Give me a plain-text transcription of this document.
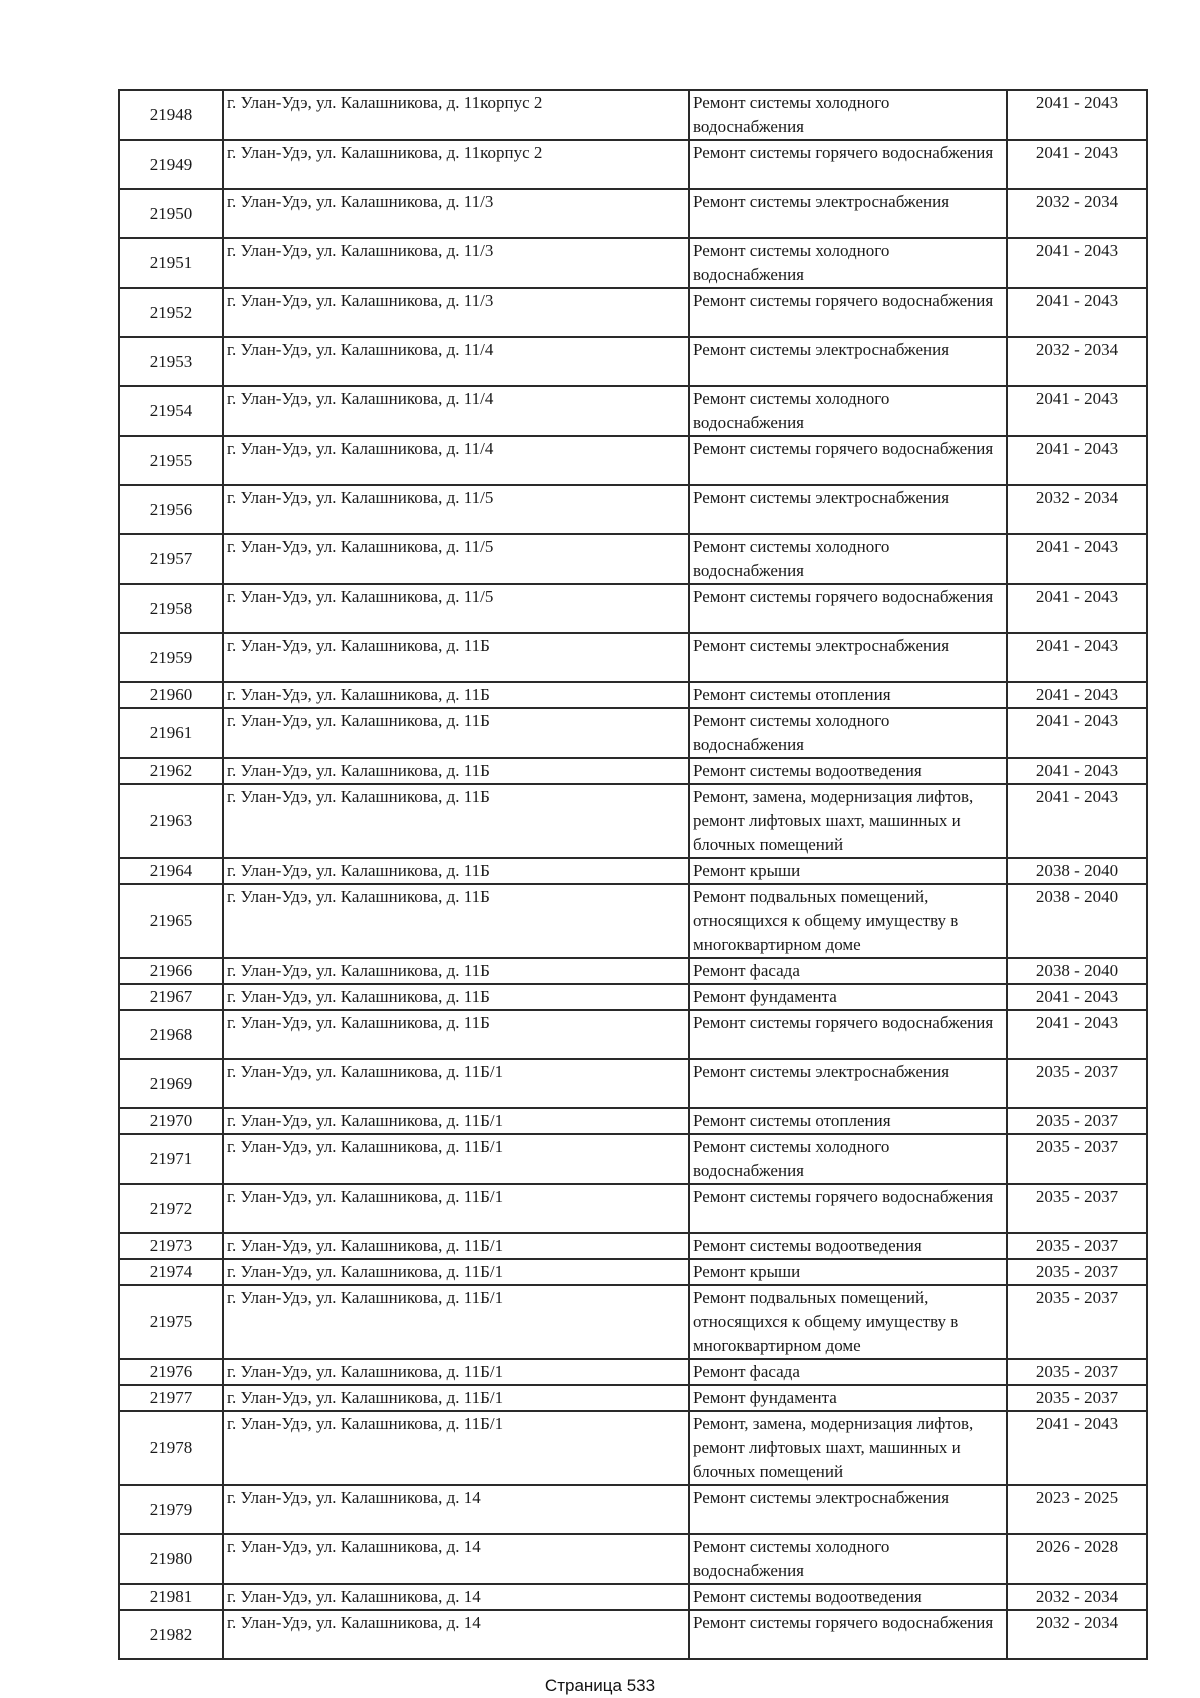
21948	г. Улан-Удэ, ул. Калашникова, д. 11корпус 2	Ремонт системы холодного водоснабжения	2041 - 2043
21949	г. Улан-Удэ, ул. Калашникова, д. 11корпус 2	Ремонт системы горячего водоснабжения	2041 - 2043
21950	г. Улан-Удэ, ул. Калашникова, д. 11/3	Ремонт системы электроснабжения	2032 - 2034
21951	г. Улан-Удэ, ул. Калашникова, д. 11/3	Ремонт системы холодного водоснабжения	2041 - 2043
21952	г. Улан-Удэ, ул. Калашникова, д. 11/3	Ремонт системы горячего водоснабжения	2041 - 2043
21953	г. Улан-Удэ, ул. Калашникова, д. 11/4	Ремонт системы электроснабжения	2032 - 2034
21954	г. Улан-Удэ, ул. Калашникова, д. 11/4	Ремонт системы холодного водоснабжения	2041 - 2043
21955	г. Улан-Удэ, ул. Калашникова, д. 11/4	Ремонт системы горячего водоснабжения	2041 - 2043
21956	г. Улан-Удэ, ул. Калашникова, д. 11/5	Ремонт системы электроснабжения	2032 - 2034
21957	г. Улан-Удэ, ул. Калашникова, д. 11/5	Ремонт системы холодного водоснабжения	2041 - 2043
21958	г. Улан-Удэ, ул. Калашникова, д. 11/5	Ремонт системы горячего водоснабжения	2041 - 2043
21959	г. Улан-Удэ, ул. Калашникова, д. 11Б	Ремонт системы электроснабжения	2041 - 2043
21960	г. Улан-Удэ, ул. Калашникова, д. 11Б	Ремонт системы отопления	2041 - 2043
21961	г. Улан-Удэ, ул. Калашникова, д. 11Б	Ремонт системы холодного водоснабжения	2041 - 2043
21962	г. Улан-Удэ, ул. Калашникова, д. 11Б	Ремонт системы водоотведения	2041 - 2043
21963	г. Улан-Удэ, ул. Калашникова, д. 11Б	Ремонт, замена, модернизация лифтов, ремонт лифтовых шахт, машинных и блочных помещений	2041 - 2043
21964	г. Улан-Удэ, ул. Калашникова, д. 11Б	Ремонт крыши	2038 - 2040
21965	г. Улан-Удэ, ул. Калашникова, д. 11Б	Ремонт подвальных помещений, относящихся к общему имуществу в многоквартирном доме	2038 - 2040
21966	г. Улан-Удэ, ул. Калашникова, д. 11Б	Ремонт фасада	2038 - 2040
21967	г. Улан-Удэ, ул. Калашникова, д. 11Б	Ремонт фундамента	2041 - 2043
21968	г. Улан-Удэ, ул. Калашникова, д. 11Б	Ремонт системы горячего водоснабжения	2041 - 2043
21969	г. Улан-Удэ, ул. Калашникова, д. 11Б/1	Ремонт системы электроснабжения	2035 - 2037
21970	г. Улан-Удэ, ул. Калашникова, д. 11Б/1	Ремонт системы отопления	2035 - 2037
21971	г. Улан-Удэ, ул. Калашникова, д. 11Б/1	Ремонт системы холодного водоснабжения	2035 - 2037
21972	г. Улан-Удэ, ул. Калашникова, д. 11Б/1	Ремонт системы горячего водоснабжения	2035 - 2037
21973	г. Улан-Удэ, ул. Калашникова, д. 11Б/1	Ремонт системы водоотведения	2035 - 2037
21974	г. Улан-Удэ, ул. Калашникова, д. 11Б/1	Ремонт крыши	2035 - 2037
21975	г. Улан-Удэ, ул. Калашникова, д. 11Б/1	Ремонт подвальных помещений, относящихся к общему имуществу в многоквартирном доме	2035 - 2037
21976	г. Улан-Удэ, ул. Калашникова, д. 11Б/1	Ремонт фасада	2035 - 2037
21977	г. Улан-Удэ, ул. Калашникова, д. 11Б/1	Ремонт фундамента	2035 - 2037
21978	г. Улан-Удэ, ул. Калашникова, д. 11Б/1	Ремонт, замена, модернизация лифтов, ремонт лифтовых шахт, машинных и блочных помещений	2041 - 2043
21979	г. Улан-Удэ, ул. Калашникова, д. 14	Ремонт системы электроснабжения	2023 - 2025
21980	г. Улан-Удэ, ул. Калашникова, д. 14	Ремонт системы холодного водоснабжения	2026 - 2028
21981	г. Улан-Удэ, ул. Калашникова, д. 14	Ремонт системы водоотведения	2032 - 2034
21982	г. Улан-Удэ, ул. Калашникова, д. 14	Ремонт системы горячего водоснабжения	2032 - 2034
Страница 533
